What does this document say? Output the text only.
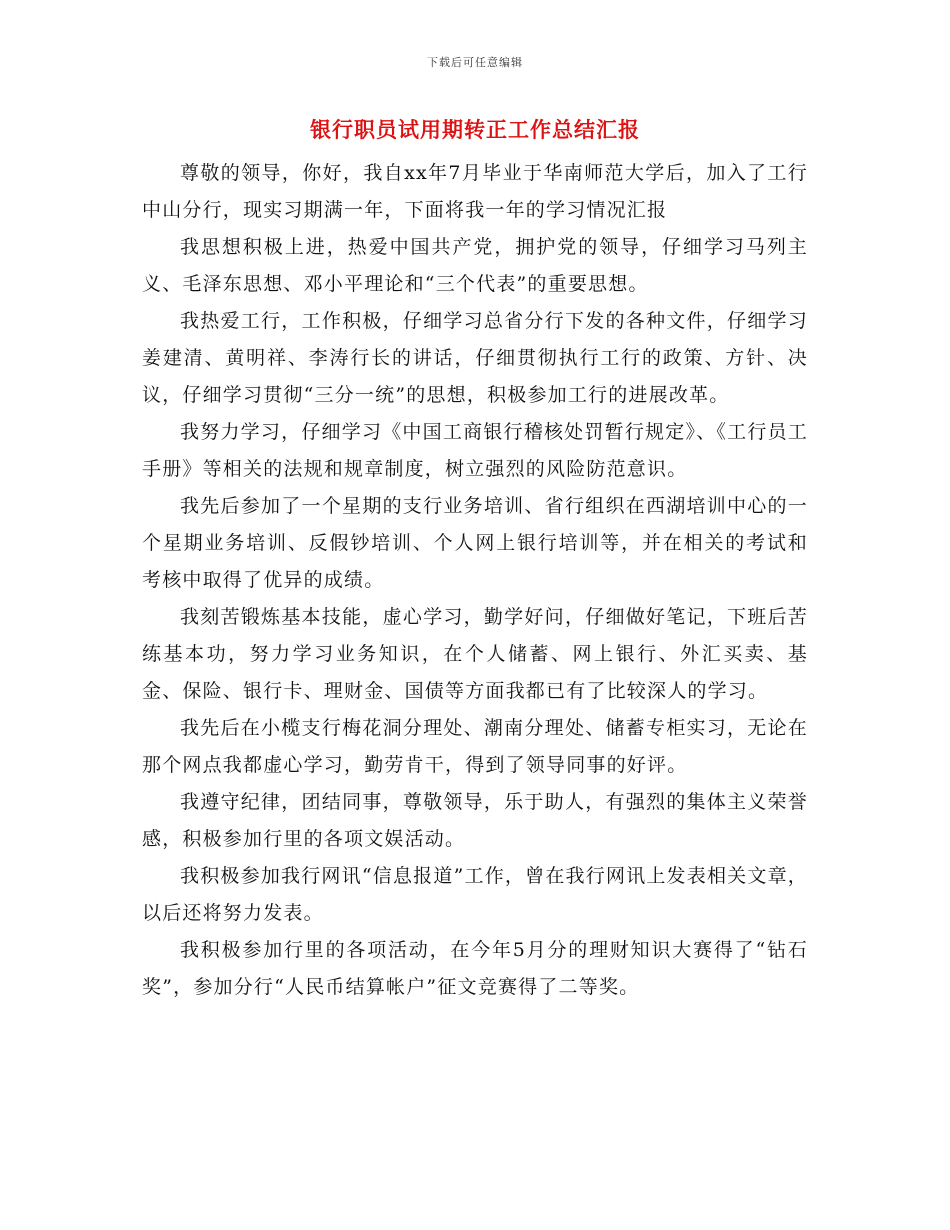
下载后可任意编辑
银行职员试用期转正工作总结汇报

尊敬的领导，你好，我自xx年7月毕业于华南师范大学后，加入了工行中山分行，现实习期满一年，下面将我一年的学习情况汇报

我思想积极上进，热爱中国共产党，拥护党的领导，仔细学习马列主义、毛泽东思想、邓小平理论和“三个代表”的重要思想。

我热爱工行，工作积极，仔细学习总省分行下发的各种文件，仔细学习姜建清、黄明祥、李涛行长的讲话，仔细贯彻执行工行的政策、方针、决议，仔细学习贯彻“三分一统”的思想，积极参加工行的进展改革。

我努力学习，仔细学习《中国工商银行稽核处罚暂行规定》、《工行员工手册》等相关的法规和规章制度，树立强烈的风险防范意识。

我先后参加了一个星期的支行业务培训、省行组织在西湖培训中心的一个星期业务培训、反假钞培训、个人网上银行培训等，并在相关的考试和考核中取得了优异的成绩。

我刻苦锻炼基本技能，虚心学习，勤学好问，仔细做好笔记，下班后苦练基本功，努力学习业务知识，在个人储蓄、网上银行、外汇买卖、基金、保险、银行卡、理财金、国债等方面我都已有了比较深人的学习。

我先后在小榄支行梅花洞分理处、潮南分理处、储蓄专柜实习，无论在那个网点我都虚心学习，勤劳肯干，得到了领导同事的好评。

我遵守纪律，团结同事，尊敬领导，乐于助人，有强烈的集体主义荣誉感，积极参加行里的各项文娱活动。

我积极参加我行网讯“信息报道”工作，曾在我行网讯上发表相关文章，以后还将努力发表。

我积极参加行里的各项活动，在今年5月分的理财知识大赛得了“钻石奖”，参加分行“人民币结算帐户”征文竞赛得了二等奖。
